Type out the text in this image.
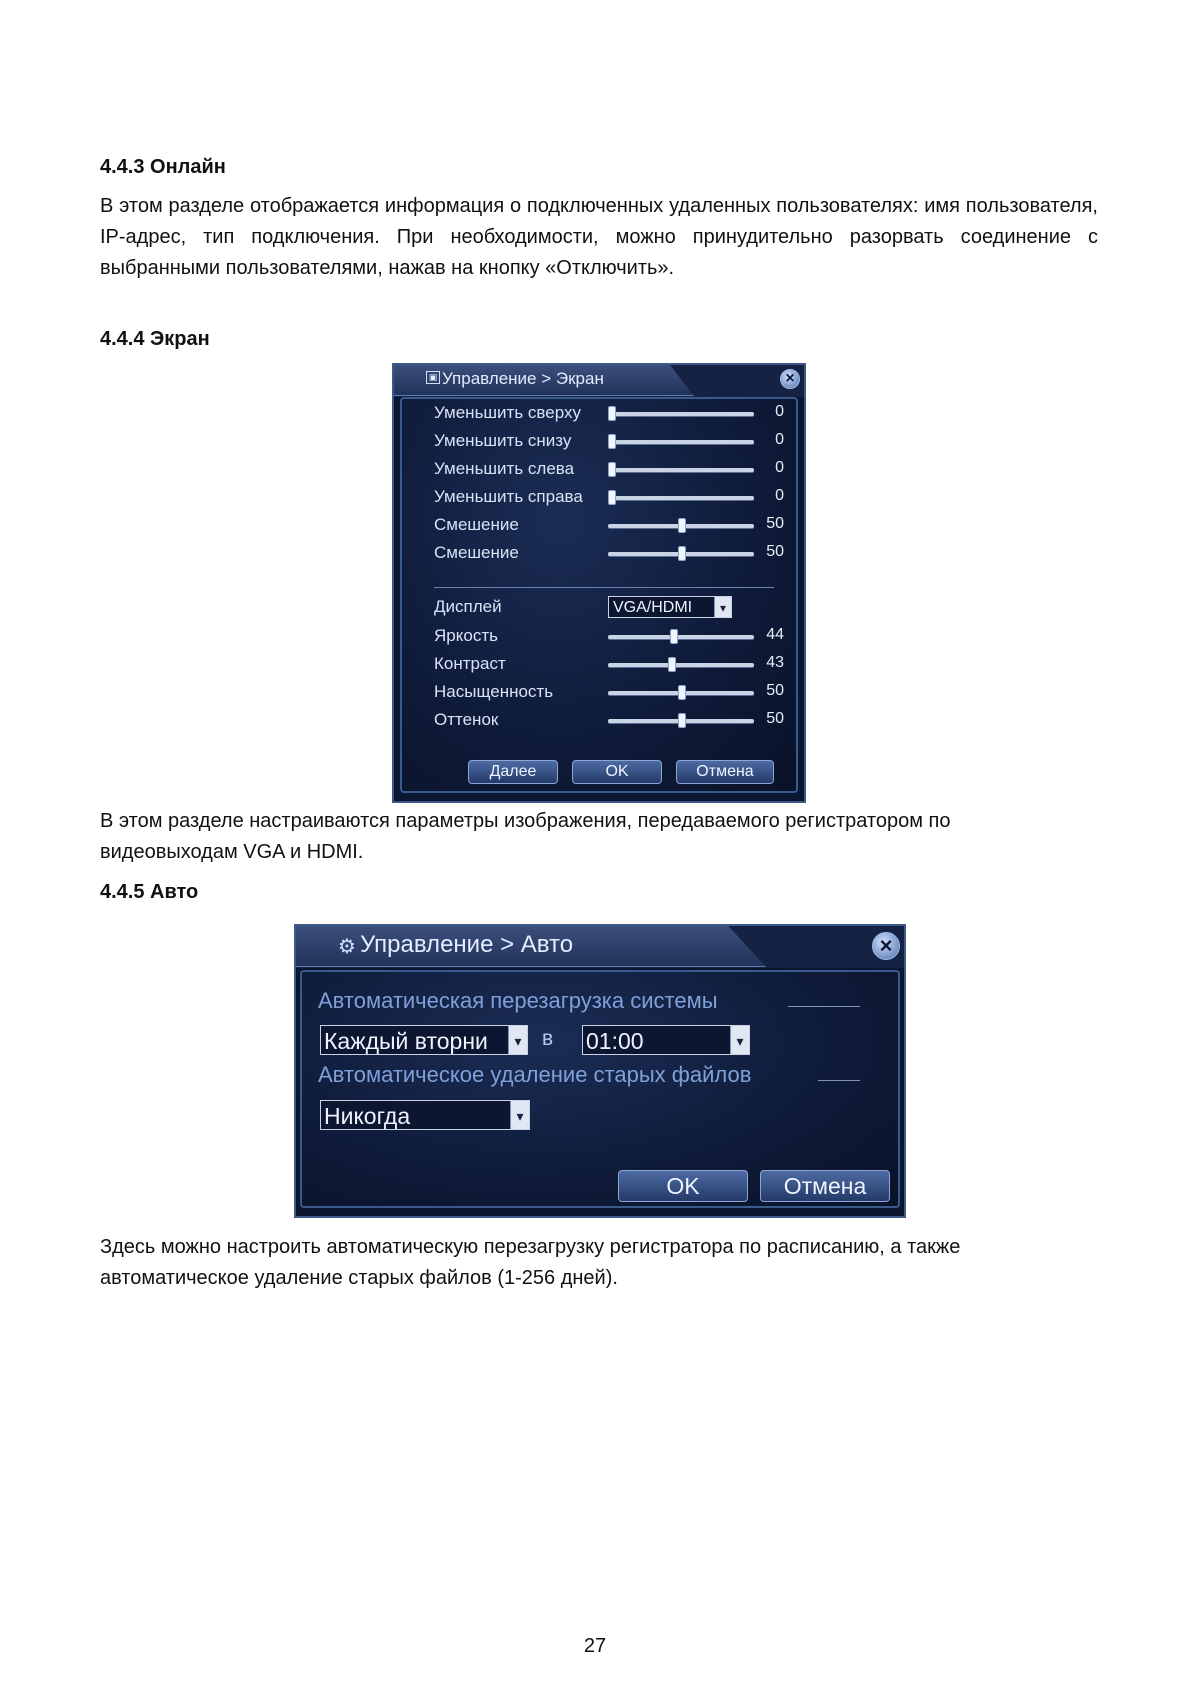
4.4.3 Онлайн

В этом разделе отображается информация о подключенных удаленных пользователях: имя пользователя, IP-адрес, тип подключения. При необходимости, можно принудительно разорвать соединение с выбранными пользователями, нажав на кнопку «Отключить».

4.4.4 Экран
▣ Управление > Экран	×
Уменьшить сверху	0
Уменьшить снизу	0
Уменьшить слева	0
Уменьшить справа	0
Смешение	50
Смешение	50
Дисплей	VGA/HDMI	▾
Яркость	44
Контраст	43
Насыщенность	50
Оттенок	50
Далее	OK	Отмена

В этом разделе настраиваются параметры изображения, передаваемого регистратором по видеовыходам VGA и HDMI.

4.4.5 Авто
⚙ Управление > Авто	×
Автоматическая перезагрузка системы
Каждый вторни	▾ в 01:00	▾
Автоматическое удаление старых файлов
Никогда	▾
OK	Отмена

Здесь можно настроить автоматическую перезагрузку регистратора по расписанию, а также автоматическое удаление старых файлов (1-256 дней).

27
